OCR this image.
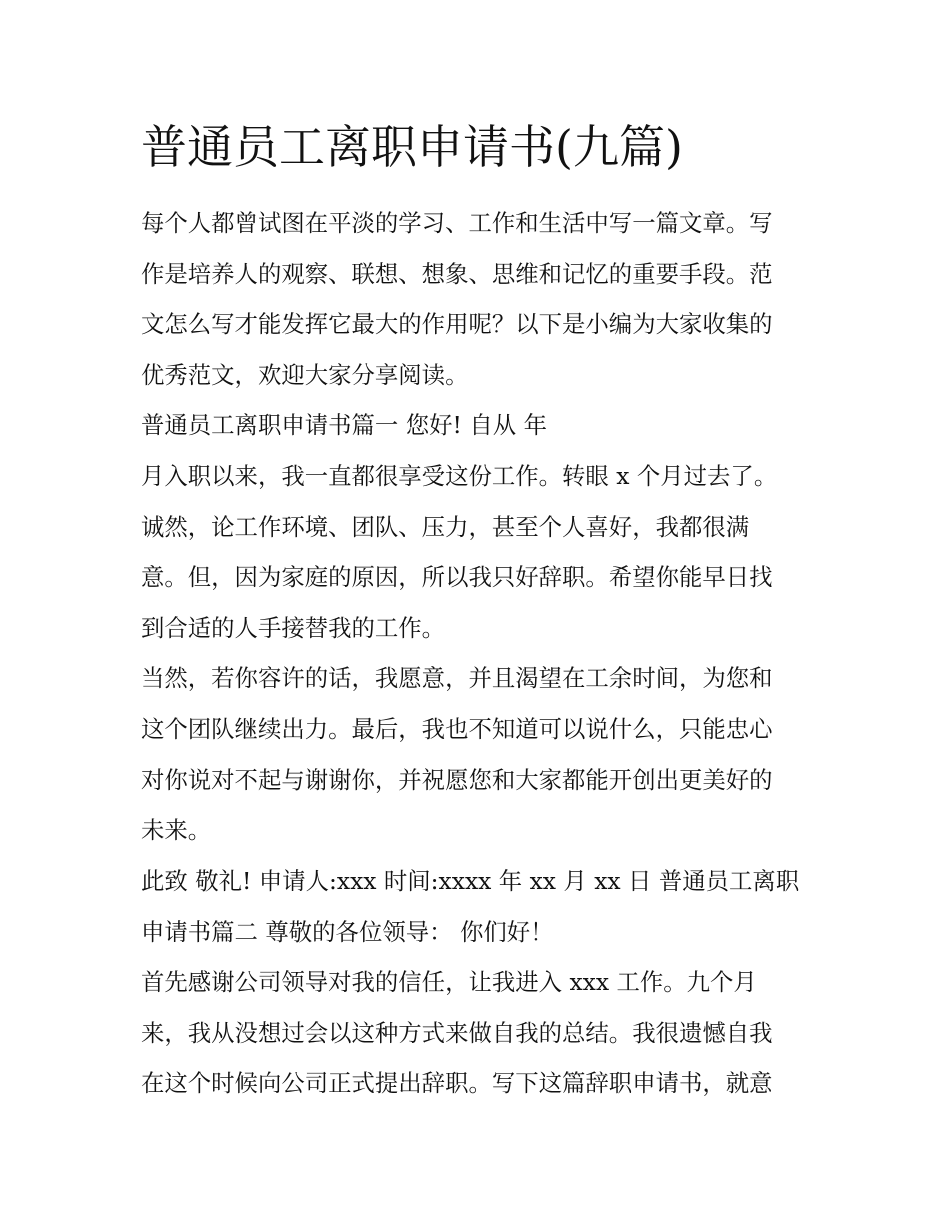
普通员工离职申请书(九篇)

每个人都曾试图在平淡的学习、工作和生活中写一篇文章。写

作是培养人的观察、联想、想象、思维和记忆的重要手段。范

文怎么写才能发挥它最大的作用呢？以下是小编为大家收集的

优秀范文，欢迎大家分享阅读。

普通员工离职申请书篇一 您好! 自从 年

月入职以来，我一直都很享受这份工作。转眼 x 个月过去了。

诚然，论工作环境、团队、压力，甚至个人喜好，我都很满

意。但，因为家庭的原因，所以我只好辞职。希望你能早日找

到合适的人手接替我的工作。

当然，若你容许的话，我愿意，并且渴望在工余时间，为您和

这个团队继续出力。最后，我也不知道可以说什么，只能忠心

对你说对不起与谢谢你，并祝愿您和大家都能开创出更美好的

未来。

此致 敬礼! 申请人:xxx 时间:xxxx 年 xx 月 xx 日 普通员工离职

申请书篇二 尊敬的各位领导： 你们好！

首先感谢公司领导对我的信任，让我进入 xxx 工作。九个月

来，我从没想过会以这种方式来做自我的总结。我很遗憾自我

在这个时候向公司正式提出辞职。写下这篇辞职申请书，就意
